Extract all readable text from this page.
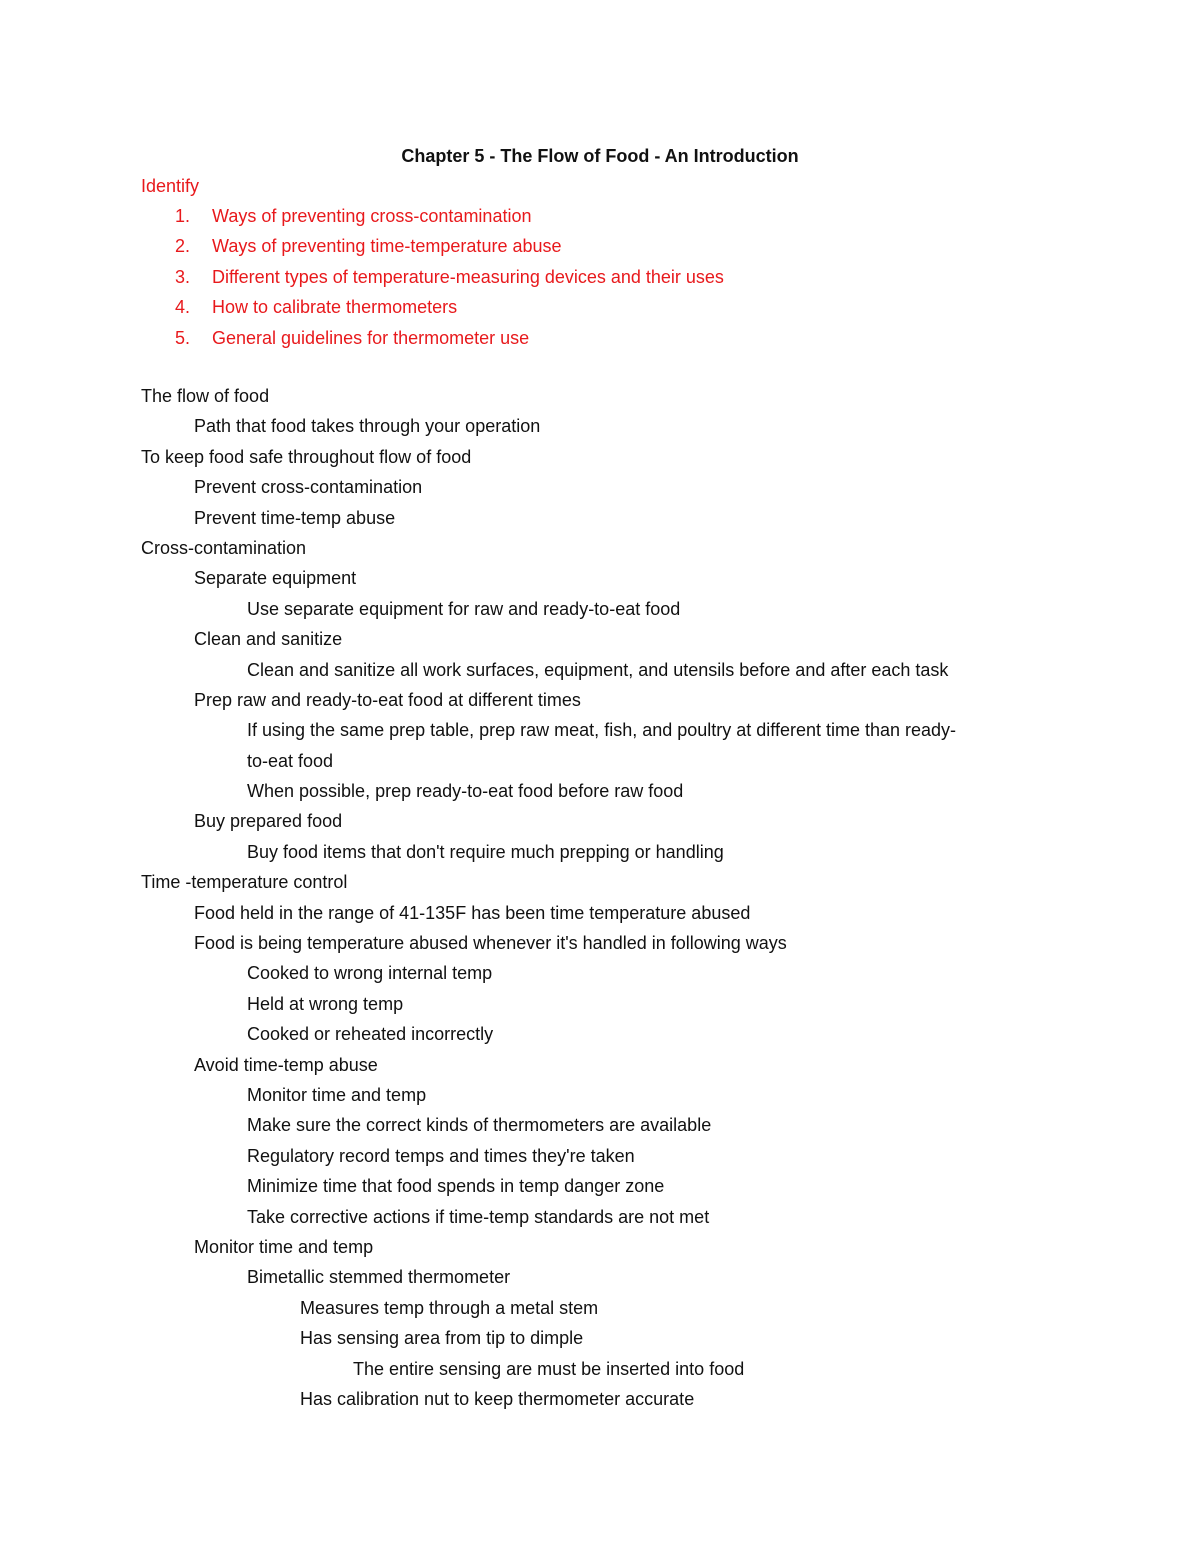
Chapter 5 - The Flow of Food - An Introduction
Identify
1.	Ways of preventing cross-contamination
2.	Ways of preventing time-temperature abuse
3.	Different types of temperature-measuring devices and their uses
4.	How to calibrate thermometers
5.	General guidelines for thermometer use
The flow of food
Path that food takes through your operation
To keep food safe throughout flow of food
Prevent cross-contamination
Prevent time-temp abuse
Cross-contamination
Separate equipment
Use separate equipment for raw and ready-to-eat food
Clean and sanitize
Clean and sanitize all work surfaces, equipment, and utensils before and after each task
Prep raw and ready-to-eat food at different times
If using the same prep table, prep raw meat, fish, and poultry at different time than ready-
to-eat food
When possible, prep ready-to-eat food before raw food
Buy prepared food
Buy food items that don't require much prepping or handling
Time -temperature control
Food held in the range of 41-135F has been time temperature abused
Food is being temperature abused whenever it's handled in following ways
Cooked to wrong internal temp
Held at wrong temp
Cooked or reheated incorrectly
Avoid time-temp abuse
Monitor time and temp
Make sure the correct kinds of thermometers are available
Regulatory record temps and times they're taken
Minimize time that food spends in temp danger zone
Take corrective actions if time-temp standards are not met
Monitor time and temp
Bimetallic stemmed thermometer
Measures temp through a metal stem
Has sensing area from tip to dimple
The entire sensing are must be inserted into food
Has calibration nut to keep thermometer accurate
